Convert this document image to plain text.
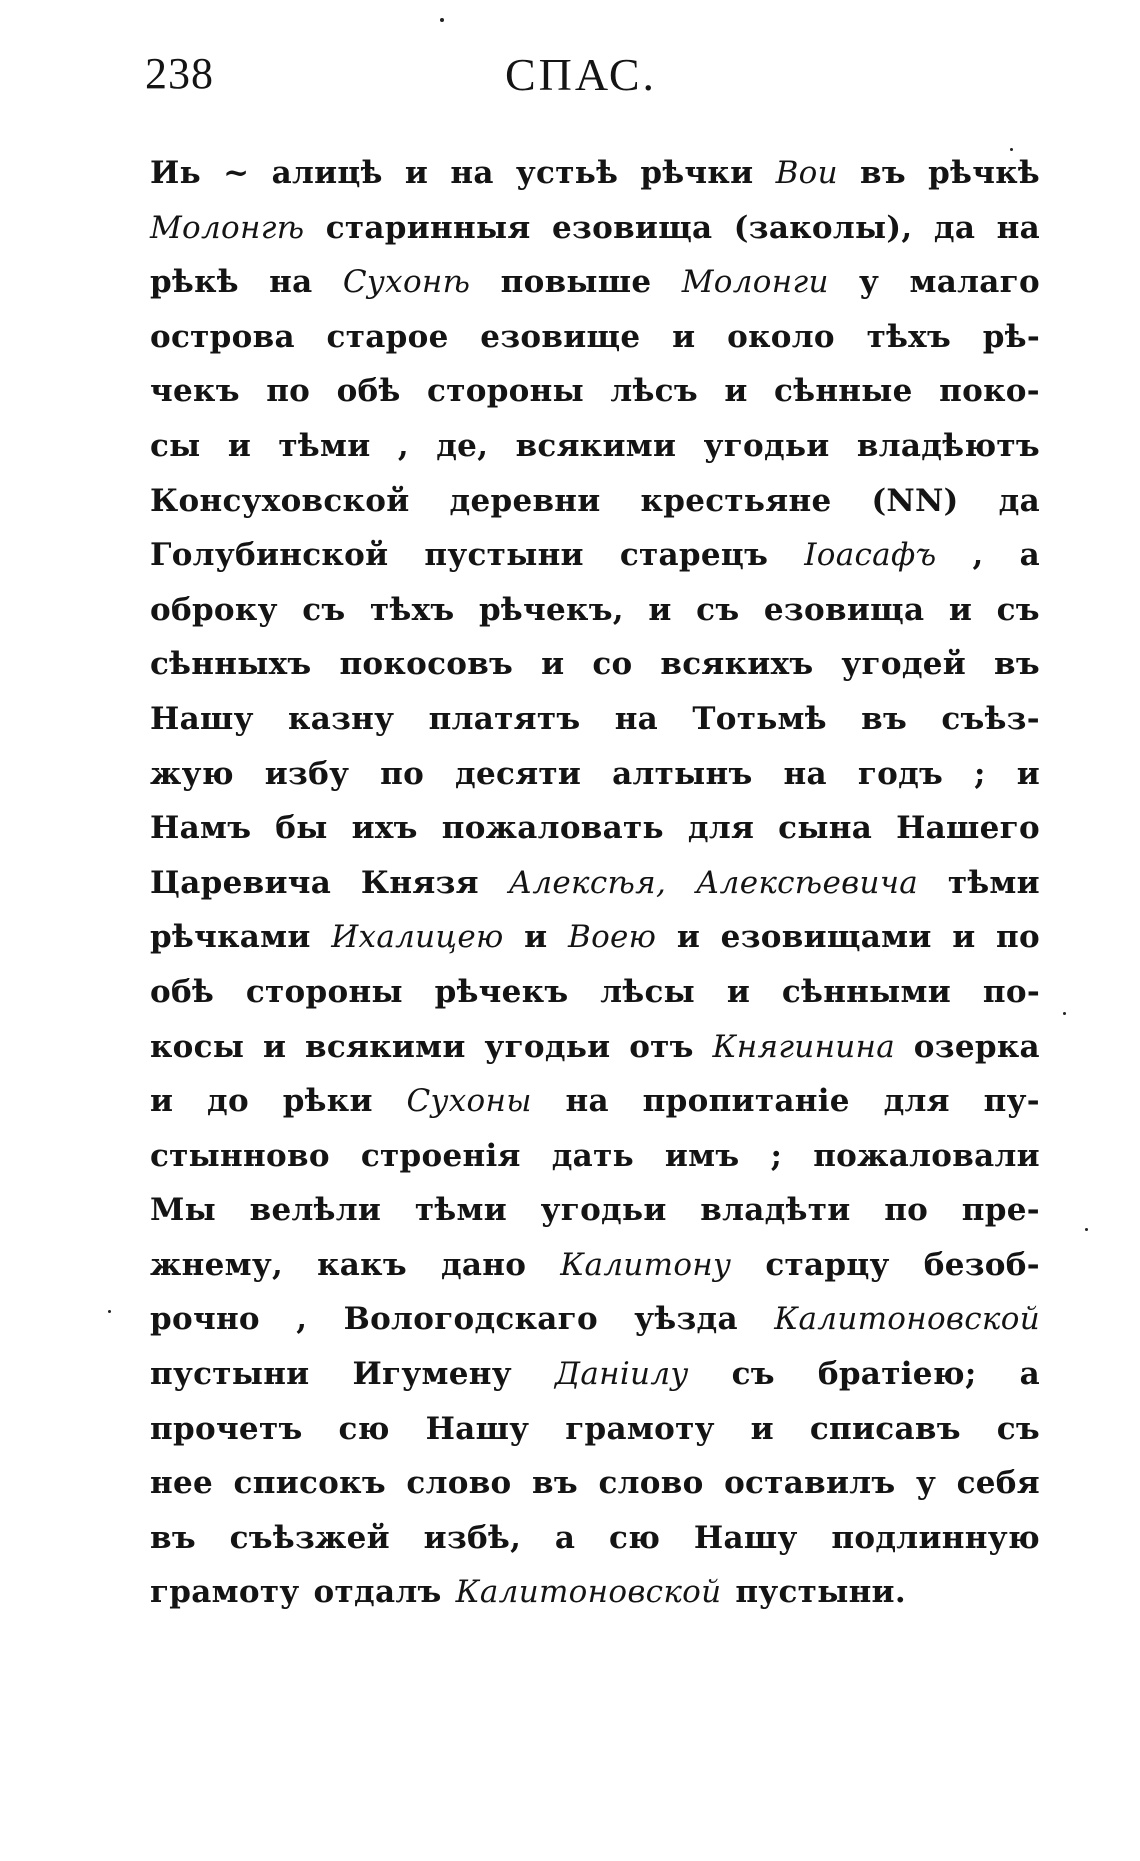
238	СПАС.
Иь ~ алицѣ и на устьѣ рѣчки Вои въ рѣчкѣ
Молонгѣ старинныя езовища (заколы), да на
рѣкѣ на Сухонѣ повыше Молонги у малаго
острова старое езовище и около тѣхъ рѣ-
чекъ по обѣ стороны лѣсъ и сѣнные поко-
сы и тѣми , де, всякими угодьи владѣютъ
Консуховской деревни крестьяне (NN) да
Голубинской пустыни старецъ Іоасафъ , а
оброку съ тѣхъ рѣчекъ, и съ езовища и съ
сѣнныхъ покосовъ и со всякихъ угодей въ
Нашу казну платятъ на Тотьмѣ въ съѣз-
жую избу по десяти алтынъ на годъ ; и
Намъ бы ихъ пожаловать для сына Нашего
Царевича Князя Алексѣя, Алексѣевича тѣми
рѣчками Ихалицею и Воею и езовищами и по
обѣ стороны рѣчекъ лѣсы и сѣнными по-
косы и всякими угодьи отъ Княгинина озерка
и до рѣки Сухоны на пропитаніе для пу-
стынново строенія дать имъ ; пожаловали
Мы велѣли тѣми угодьи владѣти по пре-
жнему, какъ дано Калитону старцу безоб-
рочно , Вологодскаго уѣзда Калитоновской
пустыни Игумену Даніилу съ братіею; а
прочетъ сю Нашу грамоту и списавъ съ
нее списокъ слово въ слово оставилъ у себя
въ съѣзжей избѣ, а сю Нашу подлинную
грамоту отдалъ Калитоновской пустыни.
